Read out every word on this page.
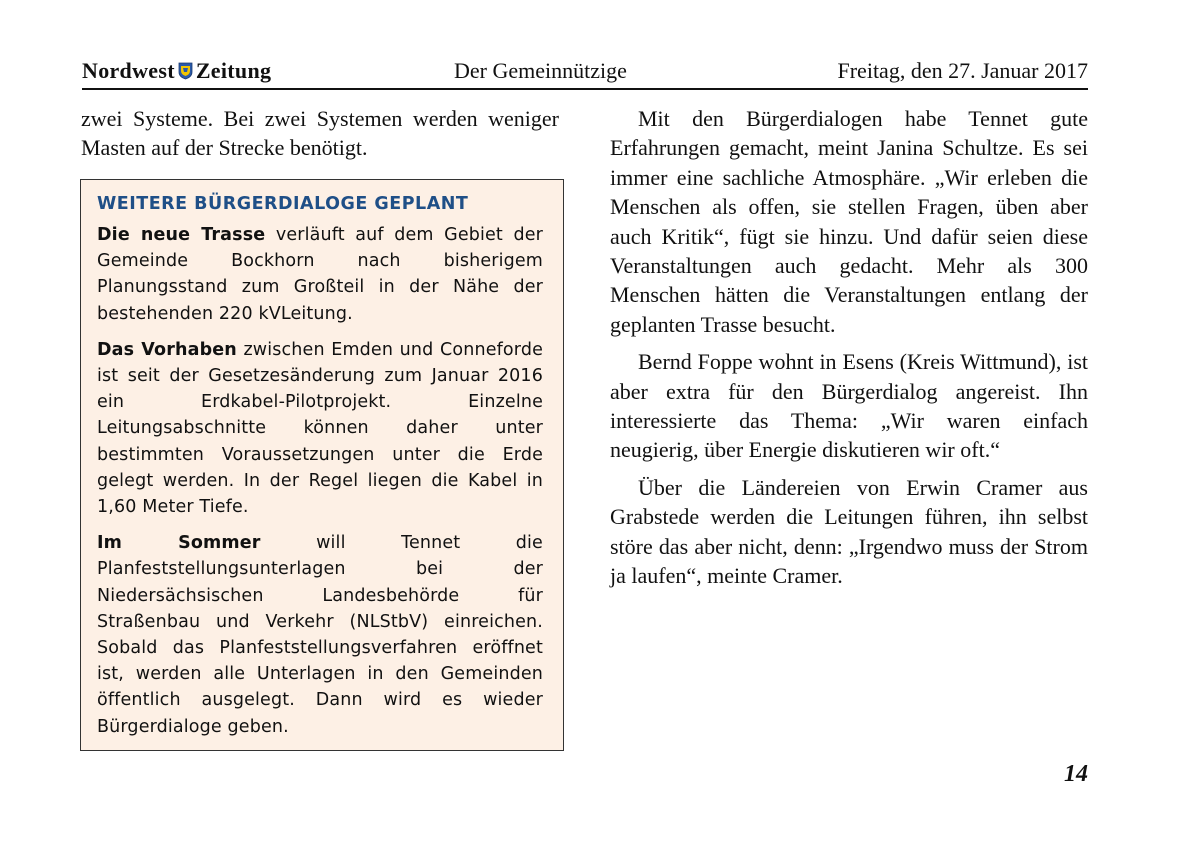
Nordwest Zeitung	Der Gemeinnützige	Freitag, den 27. Januar 2017

zwei Systeme. Bei zwei Systemen werden weniger Masten auf der Strecke benötigt.

WEITERE BÜRGERDIALOGE GEPLANT

Die neue Trasse verläuft auf dem Gebiet der Gemeinde Bockhorn nach bisherigem Planungsstand zum Großteil in der Nähe der bestehenden 220 kVLeitung.

Das Vorhaben zwischen Emden und Conneforde ist seit der Gesetzesänderung zum Januar 2016 ein Erdkabel-Pilotprojekt. Einzelne Leitungsabschnitte können daher unter bestimmten Voraussetzungen unter die Erde gelegt werden. In der Regel liegen die Kabel in 1,60 Meter Tiefe.

Im Sommer will Tennet die Planfeststellungsunterlagen bei der Niedersächsischen Landesbehörde für Straßenbau und Verkehr (NLStbV) einreichen. Sobald das Planfeststellungsverfahren eröffnet ist, werden alle Unterlagen in den Gemeinden öffentlich ausgelegt. Dann wird es wieder Bürgerdialoge geben.

Mit den Bürgerdialogen habe Tennet gute Erfahrungen gemacht, meint Janina Schultze. Es sei immer eine sachliche Atmosphäre. „Wir erleben die Menschen als offen, sie stellen Fragen, üben aber auch Kritik“, fügt sie hinzu. Und dafür seien diese Veranstaltungen auch gedacht. Mehr als 300 Menschen hätten die Veranstaltungen entlang der geplanten Trasse besucht.

Bernd Foppe wohnt in Esens (Kreis Wittmund), ist aber extra für den Bürgerdialog angereist. Ihn interessierte das Thema: „Wir waren einfach neugierig, über Energie diskutieren wir oft.“

Über die Ländereien von Erwin Cramer aus Grabstede werden die Leitungen führen, ihn selbst störe das aber nicht, denn: „Irgendwo muss der Strom ja laufen“, meinte Cramer.

14
